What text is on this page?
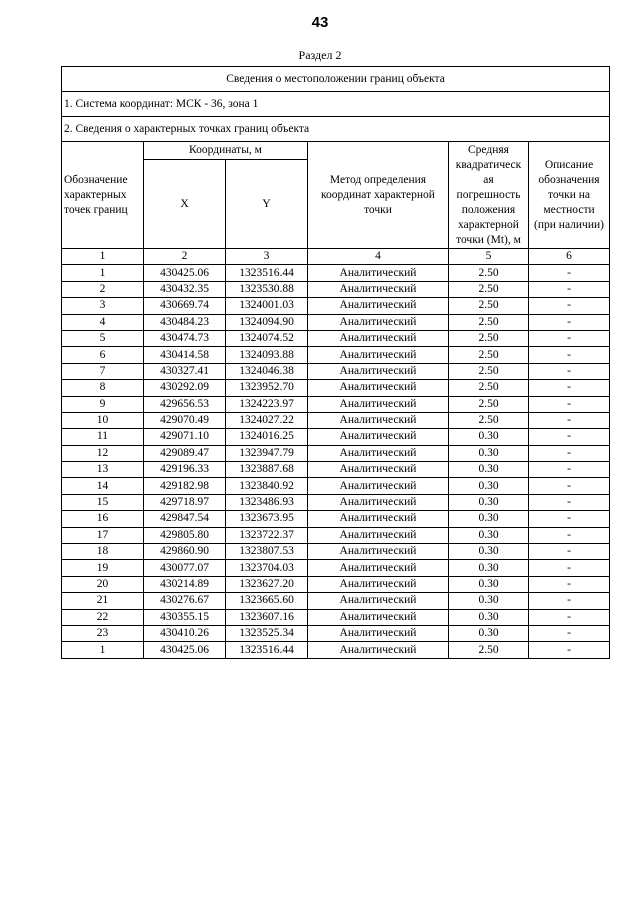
43
Раздел 2
Сведения о местоположении границ объекта					
1. Система координат: МСК - 36, зона 1					
2. Сведения о характерных точках границ объекта					
Обозначение характерных точек границ	Координаты, м		Метод определения координат характерной точки	Средняя квадратическ ая погрешность положения характерной точки (Mt), м	Описание обозначения точки на местности (при наличии)
	X	Y			
1	2	3	4	5	6
1	430425.06	1323516.44	Аналитический	2.50	-
2	430432.35	1323530.88	Аналитический	2.50	-
3	430669.74	1324001.03	Аналитический	2.50	-
4	430484.23	1324094.90	Аналитический	2.50	-
5	430474.73	1324074.52	Аналитический	2.50	-
6	430414.58	1324093.88	Аналитический	2.50	-
7	430327.41	1324046.38	Аналитический	2.50	-
8	430292.09	1323952.70	Аналитический	2.50	-
9	429656.53	1324223.97	Аналитический	2.50	-
10	429070.49	1324027.22	Аналитический	2.50	-
11	429071.10	1324016.25	Аналитический	0.30	-
12	429089.47	1323947.79	Аналитический	0.30	-
13	429196.33	1323887.68	Аналитический	0.30	-
14	429182.98	1323840.92	Аналитический	0.30	-
15	429718.97	1323486.93	Аналитический	0.30	-
16	429847.54	1323673.95	Аналитический	0.30	-
17	429805.80	1323722.37	Аналитический	0.30	-
18	429860.90	1323807.53	Аналитический	0.30	-
19	430077.07	1323704.03	Аналитический	0.30	-
20	430214.89	1323627.20	Аналитический	0.30	-
21	430276.67	1323665.60	Аналитический	0.30	-
22	430355.15	1323607.16	Аналитический	0.30	-
23	430410.26	1323525.34	Аналитический	0.30	-
1	430425.06	1323516.44	Аналитический	2.50	-
